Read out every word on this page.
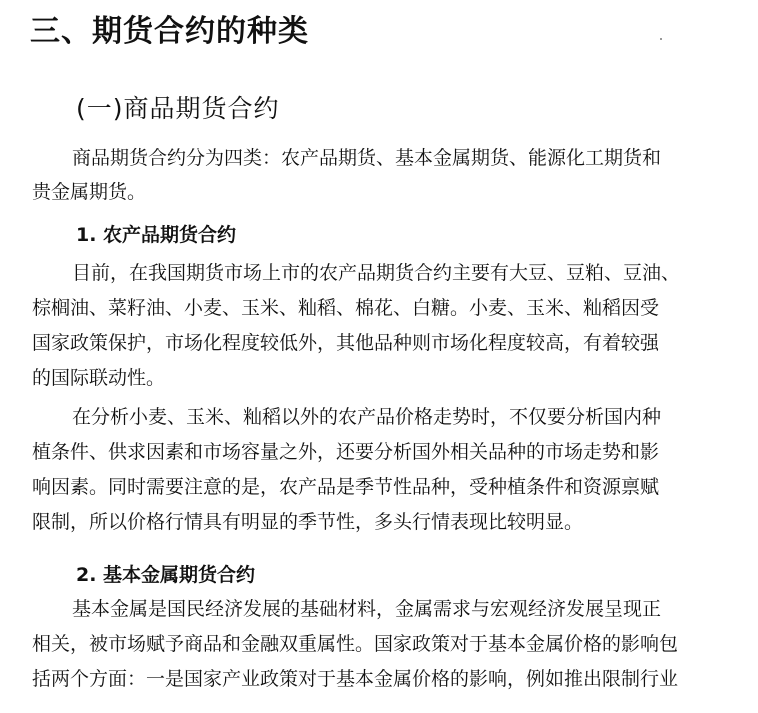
三、期货合约的种类
(一)商品期货合约
商品期货合约分为四类：农产品期货、基本金属期货、能源化工期货和
贵金属期货。
1. 农产品期货合约
目前，在我国期货市场上市的农产品期货合约主要有大豆、豆粕、豆油、
棕榈油、菜籽油、小麦、玉米、籼稻、棉花、白糖。小麦、玉米、籼稻因受
国家政策保护，市场化程度较低外，其他品种则市场化程度较高，有着较强
的国际联动性。
在分析小麦、玉米、籼稻以外的农产品价格走势时，不仅要分析国内种
植条件、供求因素和市场容量之外，还要分析国外相关品种的市场走势和影
响因素。同时需要注意的是，农产品是季节性品种，受种植条件和资源禀赋
限制，所以价格行情具有明显的季节性，多头行情表现比较明显。
2. 基本金属期货合约
基本金属是国民经济发展的基础材料，金属需求与宏观经济发展呈现正
相关，被市场赋予商品和金融双重属性。国家政策对于基本金属价格的影响包
括两个方面：一是国家产业政策对于基本金属价格的影响，例如推出限制行业
